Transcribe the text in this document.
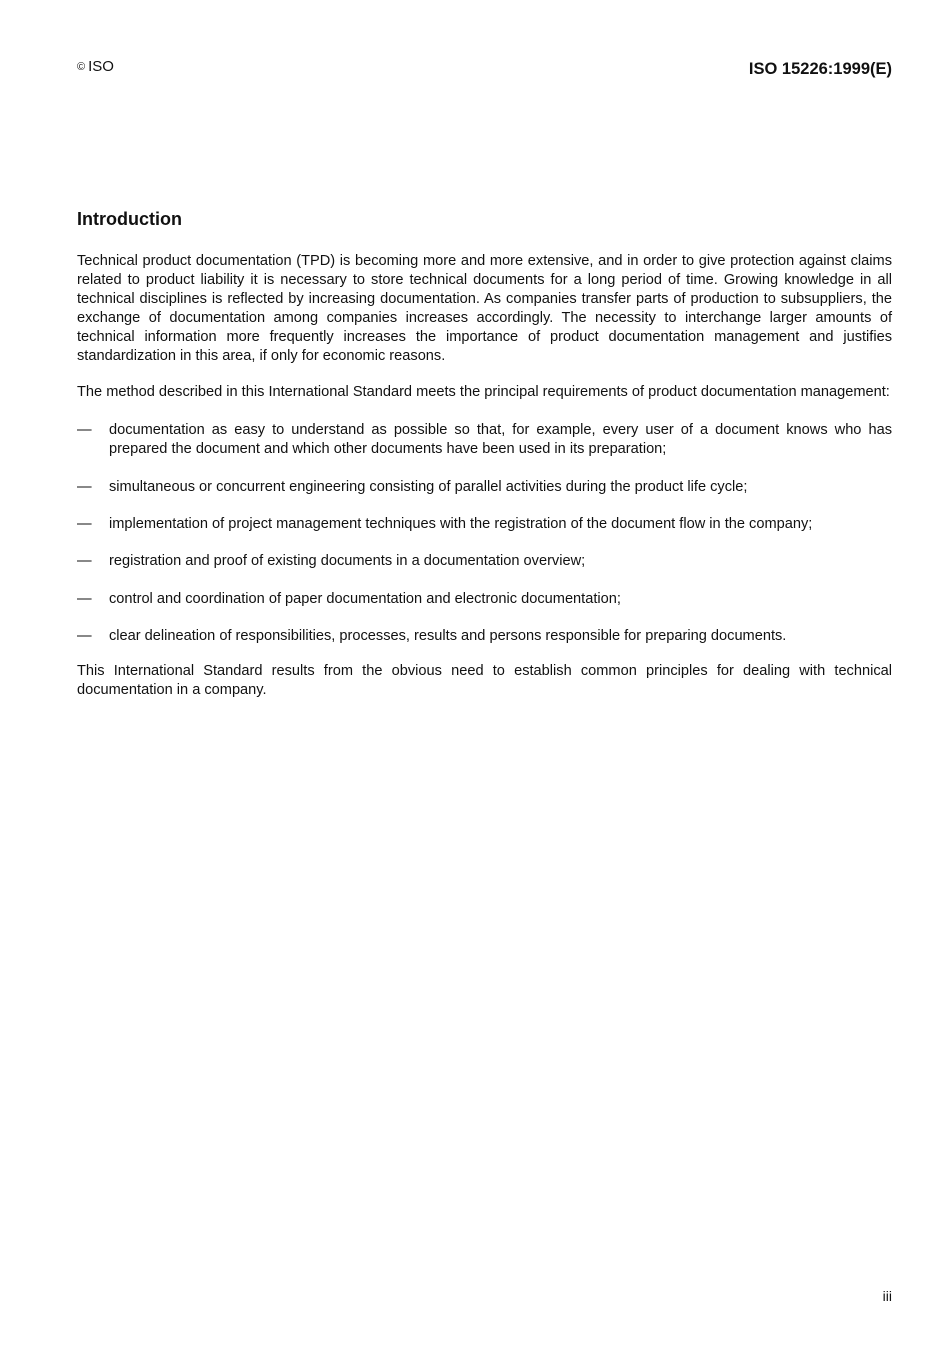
© ISO	ISO 15226:1999(E)
Introduction

Technical product documentation (TPD) is becoming more and more extensive, and in order to give protection against claims related to product liability it is necessary to store technical documents for a long period of time. Growing knowledge in all technical disciplines is reflected by increasing documentation. As companies transfer parts of production to subsuppliers, the exchange of documentation among companies increases accordingly. The necessity to interchange larger amounts of technical information more frequently increases the importance of product documentation management and justifies standardization in this area, if only for economic reasons.

The method described in this International Standard meets the principal requirements of product documentation management:

—	documentation as easy to understand as possible so that, for example, every user of a document knows who has prepared the document and which other documents have been used in its preparation;
—	simultaneous or concurrent engineering consisting of parallel activities during the product life cycle;
—	implementation of project management techniques with the registration of the document flow in the company;
—	registration and proof of existing documents in a documentation overview;
—	control and coordination of paper documentation and electronic documentation;
—	clear delineation of responsibilities, processes, results and persons responsible for preparing documents.

This International Standard results from the obvious need to establish common principles for dealing with technical documentation in a company.

iii
